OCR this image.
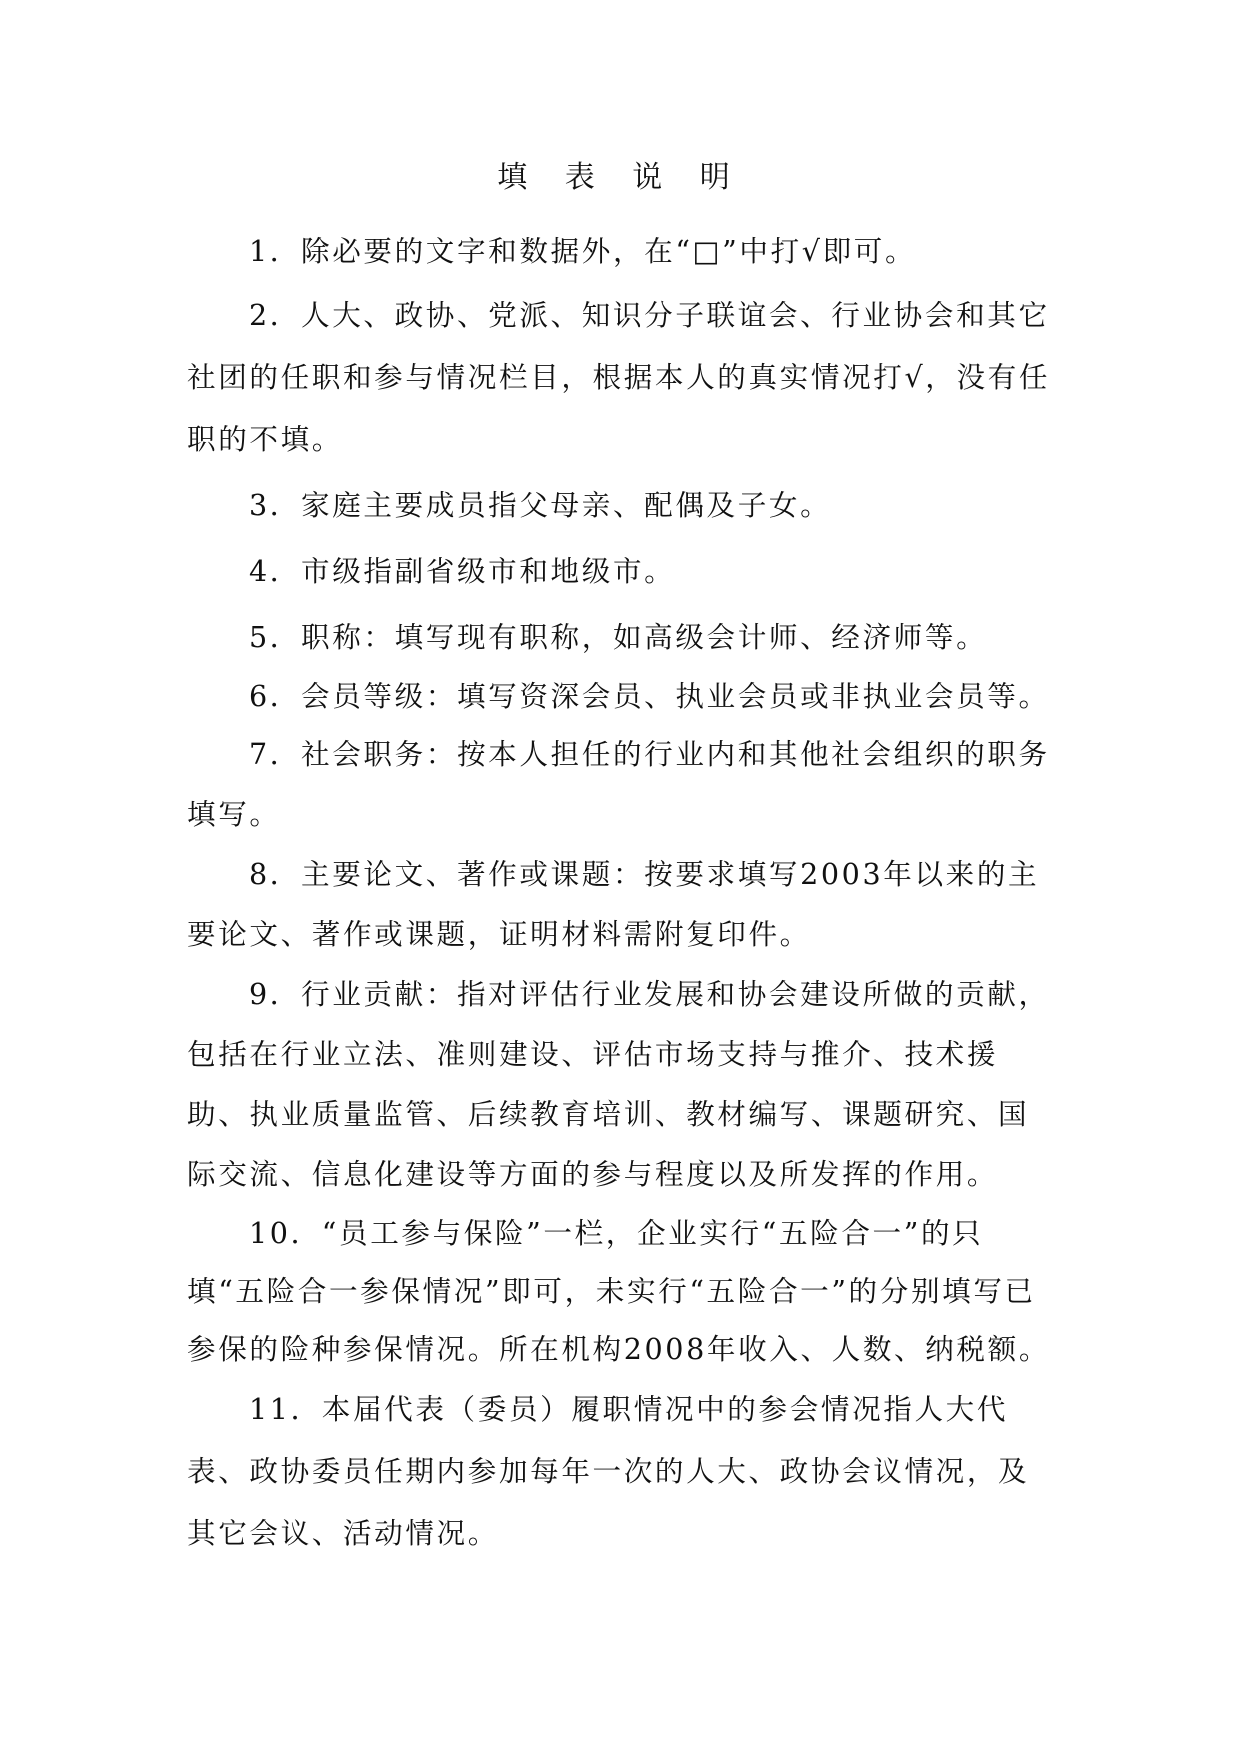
填 表 说 明

1．除必要的文字和数据外，在“□”中打√即可。

2．人大、政协、党派、知识分子联谊会、行业协会和其它社团的任职和参与情况栏目，根据本人的真实情况打√，没有任职的不填。

3．家庭主要成员指父母亲、配偶及子女。

4．市级指副省级市和地级市。

5．职称：填写现有职称，如高级会计师、经济师等。

6．会员等级：填写资深会员、执业会员或非执业会员等。

7．社会职务：按本人担任的行业内和其他社会组织的职务填写。

8．主要论文、著作或课题：按要求填写2003年以来的主要论文、著作或课题，证明材料需附复印件。

9．行业贡献：指对评估行业发展和协会建设所做的贡献，包括在行业立法、准则建设、评估市场支持与推介、技术援助、执业质量监管、后续教育培训、教材编写、课题研究、国际交流、信息化建设等方面的参与程度以及所发挥的作用。

10．“员工参与保险”一栏，企业实行“五险合一”的只填“五险合一参保情况”即可，未实行“五险合一”的分别填写已参保的险种参保情况。所在机构2008年收入、人数、纳税额。

11．本届代表（委员）履职情况中的参会情况指人大代表、政协委员任期内参加每年一次的人大、政协会议情况，及其它会议、活动情况。
